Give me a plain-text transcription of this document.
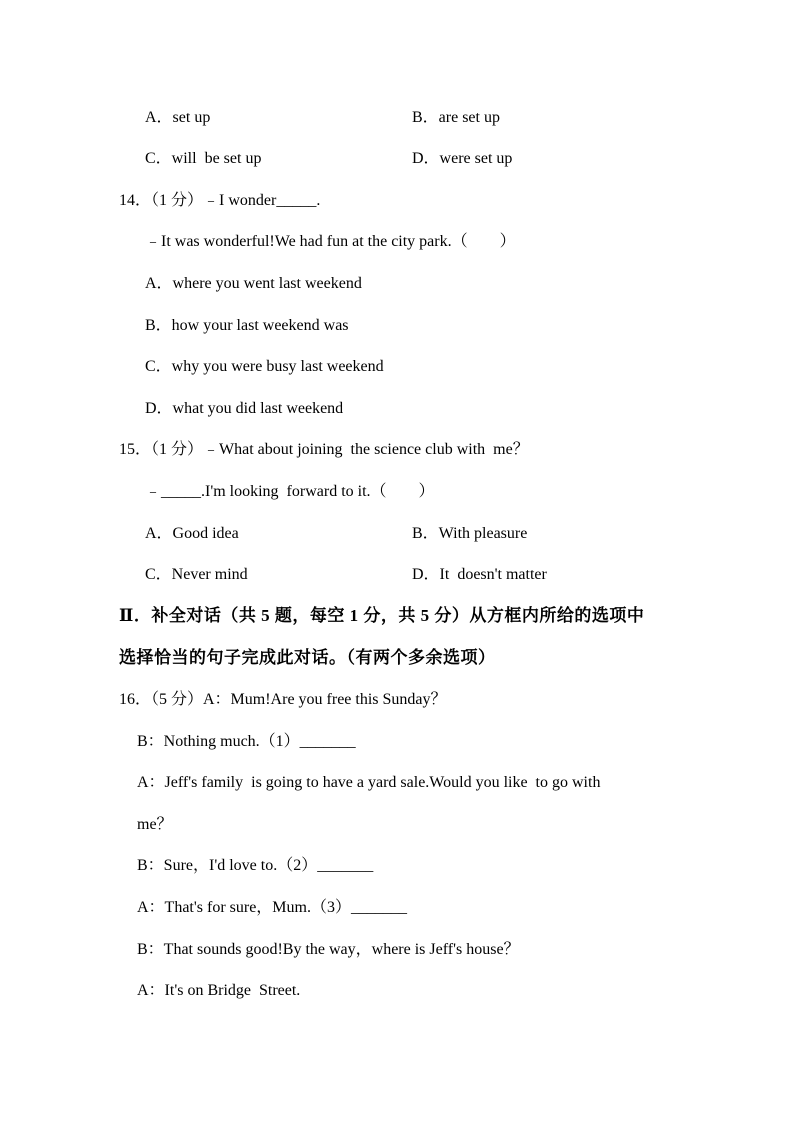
A．set up	B．are set up
C．will  be set up	D．were set up
14．（1 分）﹣I wonder_____.
﹣It was wonderful!We had fun at the city park.（　　）
A．where you went last weekend
B．how your last weekend was
C．why you were busy last weekend
D．what you did last weekend
15．（1 分）﹣What about joining  the science club with  me？
﹣_____.I'm looking  forward to it.（　　）
A．Good idea	B．With pleasure
C．Never mind	D．It  doesn't matter
Ⅱ．补全对话（共 5 题，每空 1 分，共 5 分）从方框内所给的选项中
选择恰当的句子完成此对话。（有两个多余选项）
16．（5 分）A：Mum!Are you free this Sunday？
B：Nothing much.（1）_______
A：Jeff's family  is going to have a yard sale.Would you like  to go with
me？
B：Sure，I'd love to.（2）_______
A：That's for sure，Mum.（3）_______
B：That sounds good!By the way，where is Jeff's house？
A：It's on Bridge  Street.
